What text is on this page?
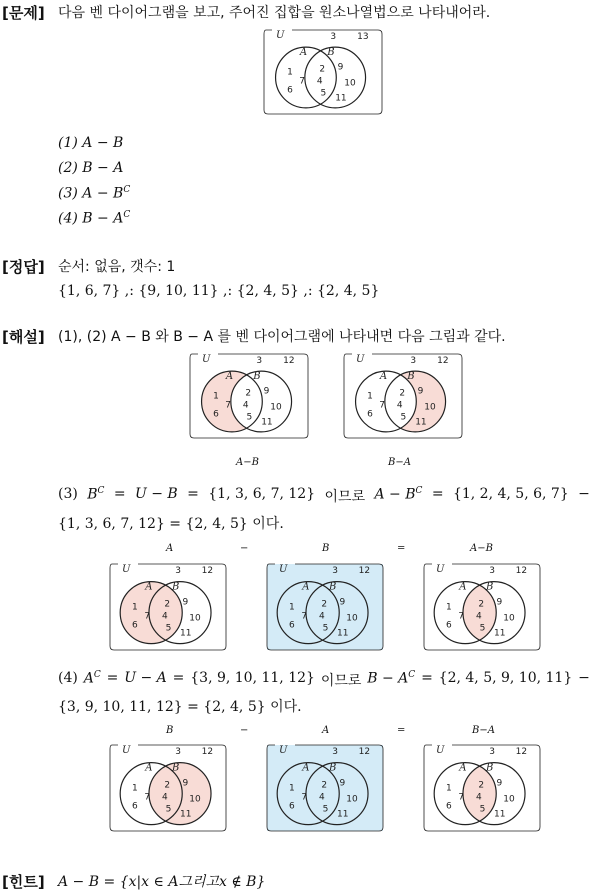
[문제] 다음 벤 다이어그램을 보고, 주어진 집합을 원소나열법으로 나타내어라.
U
A B
1
6
7
2
4
5
9
10
11
3 13
(1) A − B
(2) B − A
(3) $A - B^C$
(4) $B - A^C$
[정답] 순서: 없음, 갯수: 1
{1, 6, 7} ,: {9, 10, 11} ,: {2, 4, 5} ,: {2, 4, 5}
[해설] (1), (2) A − B 와 B − A 를 벤 다이어그램에 나타내면 다음 그림과 같다.
U
A B
1
6
7
2
4
5
9
10
11
3 12	U
A B
1
6
7
2
4
5
9
10
11
3 12
A−B	B−A
(3) $B^C = U - B = \{1$, 3, 6, 7, 12} 이므로 $A - B^C = \{1$, 2, 4, 5, 6, 7} −
{1, 3, 6, 7, 12} = {2, 4, 5} 이다.
A	−	B	=	A−B
U
A B
1
6
7
2
4
5
9
10
11
3 12	U
A B
1
6
7
2
4
5
9
10
11
3 12	U
A B
1
6
7
2
4
5
9
10
11
3 12
(4) $A^C = U - A = \{3$, 9, 10, 11, 12} 이므로 $B - A^C = \{2$, 4, 5, 9, 10, 11} −
{3, 9, 10, 11, 12} = {2, 4, 5} 이다.
B	−	A	=	B−A
U
A B
1
6
7
2
4
5
9
10
11
3 12	U
A B
1
6
7
2
4
5
9
10
11
3 12	U
A B
1
6
7
2
4
5
9
10
11
3 12
[힌트] A − B = {x|x ∈ A그리고x ∉ B}
